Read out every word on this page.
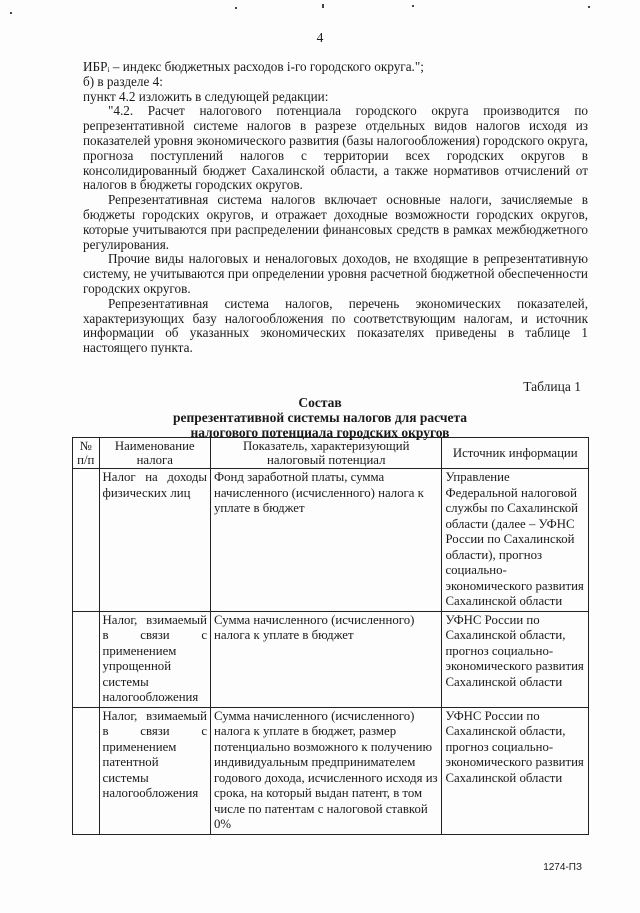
4

ИБРᵢ – индекс бюджетных расходов i-го городского округа.";

б) в разделе 4:

пункт 4.2 изложить в следующей редакции:

"4.2. Расчет налогового потенциала городского округа производится по репрезентативной системе налогов в разрезе отдельных видов налогов исходя из показателей уровня экономического развития (базы налогообложения) городского округа, прогноза поступлений налогов с территории всех городских округов в консолидированный бюджет Сахалинской области, а также нормативов отчислений от налогов в бюджеты городских округов.

Репрезентативная система налогов включает основные налоги, зачисляемые в бюджеты городских округов, и отражает доходные возможности городских округов, которые учитываются при распределении финансовых средств в рамках межбюджетного регулирования.

Прочие виды налоговых и неналоговых доходов, не входящие в репрезентативную систему, не учитываются при определении уровня расчетной бюджетной обеспеченности городских округов.

Репрезентативная система налогов, перечень экономических показателей, характеризующих базу налогообложения по соответствующим налогам, и источник информации об указанных экономических показателях приведены в таблице 1 настоящего пункта.

Таблица 1
Состав
репрезентативной системы налогов для расчета
налогового потенциала городских округов
№ п/п	Наименование налога	Показатель, характеризующий налоговый потенциал	Источник информации
	Налог на доходы физических лиц	Фонд заработной платы, сумма начисленного (исчисленного) налога к уплате в бюджет	Управление Федеральной налоговой службы по Сахалинской области (далее – УФНС России по Сахалинской области), прогноз социально-экономического развития Сахалинской области
	Налог, взимаемый в связи с применением упрощенной системы налогообложения	Сумма начисленного (исчисленного) налога к уплате в бюджет	УФНС России по Сахалинской области, прогноз социально-экономического развития Сахалинской области
	Налог, взимаемый в связи с применением патентной системы налогообложения	Сумма начисленного (исчисленного) налога к уплате в бюджет, размер потенциально возможного к получению индивидуальным предпринимателем годового дохода, исчисленного исходя из срока, на который выдан патент, в том числе по патентам с налоговой ставкой 0%	УФНС России по Сахалинской области, прогноз социально-экономического развития Сахалинской области
1274-ПЗ
